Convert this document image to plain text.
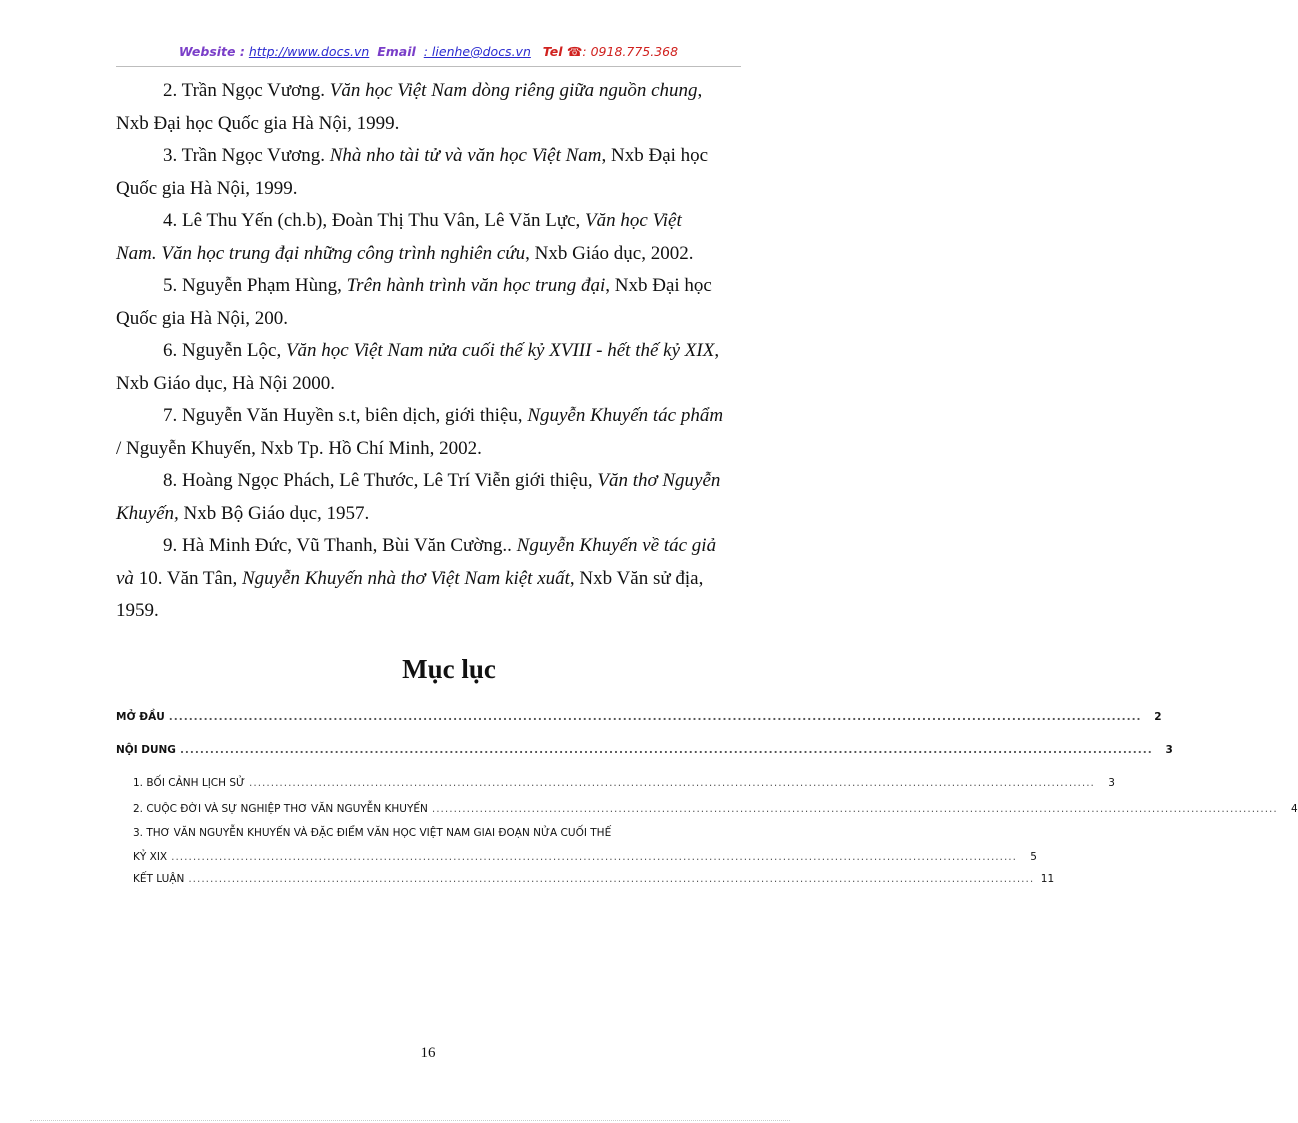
Website : http://www.docs.vn Email : lienhe@docs.vn Tel ☎: 0918.775.368
2. Trần Ngọc Vương. Văn học Việt Nam dòng riêng giữa nguồn chung,
Nxb Đại học Quốc gia Hà Nội, 1999.
3. Trần Ngọc Vương. Nhà nho tài tử và văn học Việt Nam, Nxb Đại học
Quốc gia Hà Nội, 1999.
4. Lê Thu Yến (ch.b), Đoàn Thị Thu Vân, Lê Văn Lực, Văn học Việt
Nam. Văn học trung đại những công trình nghiên cứu, Nxb Giáo dục, 2002.
5. Nguyễn Phạm Hùng, Trên hành trình văn học trung đại, Nxb Đại học
Quốc gia Hà Nội, 200.
6. Nguyễn Lộc, Văn học Việt Nam nửa cuối thế kỷ XVIII - hết thế kỷ XIX,
Nxb Giáo dục, Hà Nội 2000.
7. Nguyễn Văn Huyền s.t, biên dịch, giới thiệu, Nguyễn Khuyến tác phẩm
/ Nguyễn Khuyến, Nxb Tp. Hồ Chí Minh, 2002.
8. Hoàng Ngọc Phách, Lê Thước, Lê Trí Viễn giới thiệu, Văn thơ Nguyễn
Khuyến, Nxb Bộ Giáo dục, 1957.
9. Hà Minh Đức, Vũ Thanh, Bùi Văn Cường.. Nguyễn Khuyến về tác giả
và 10. Văn Tân, Nguyễn Khuyến nhà thơ Việt Nam kiệt xuất, Nxb Văn sử địa,
1959.
Mục lục
MỞ ĐẦU ...................................................................................................................................................................................................	2
NỘI DUNG ...................................................................................................................................................................................................	3
1. BỐI CẢNH LỊCH SỬ ...................................................................................................................................................................................................	3
2. CUỘC ĐỜI VÀ SỰ NGHIỆP THƠ VĂN NGUYỄN KHUYẾN ...................................................................................................................................................................................................	4
3. THƠ VĂN NGUYỄN KHUYẾN VÀ ĐẶC ĐIỂM VĂN HỌC VIỆT NAM GIAI ĐOẠN NỬA CUỐI THẾ
KỶ XIX ...................................................................................................................................................................................................	5
KẾT LUẬN ................................................................................................................................................................................................... 11
16
